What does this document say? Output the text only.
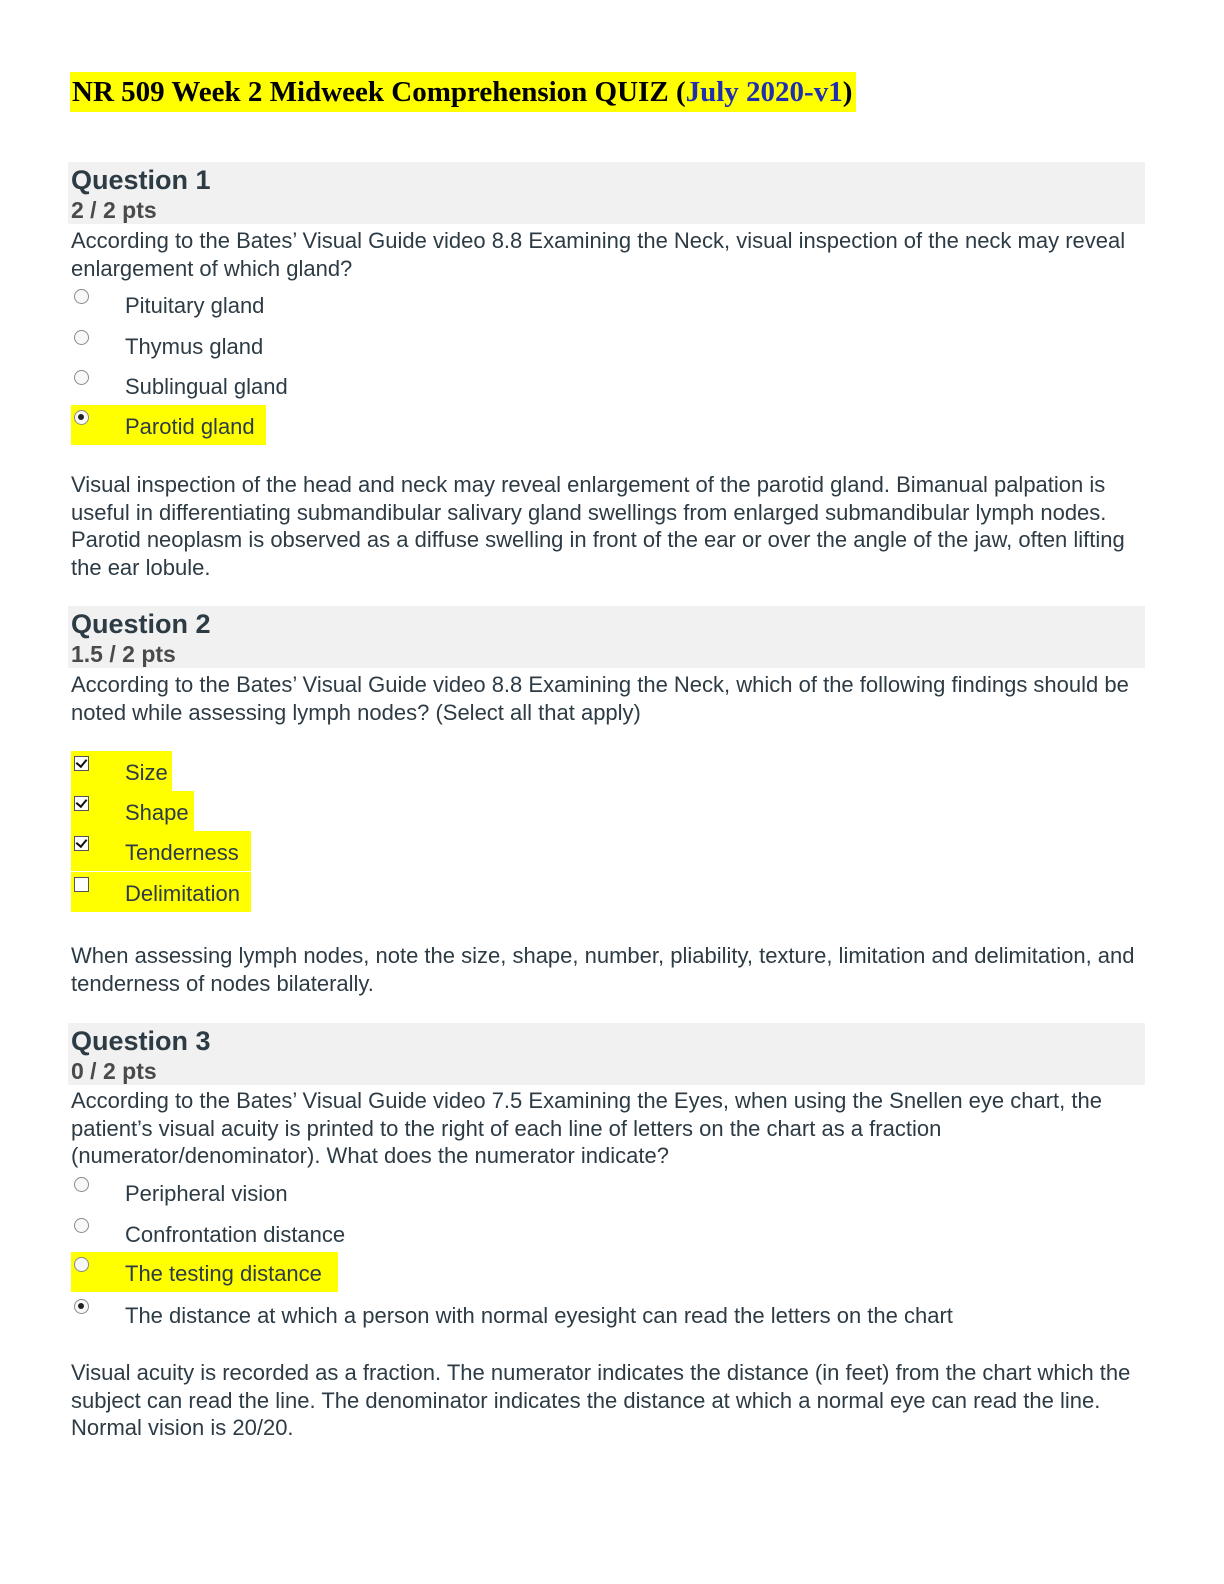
NR 509 Week 2 Midweek Comprehension QUIZ (July 2020-v1)
Question 1
2 / 2 pts
According to the Bates’ Visual Guide video 8.8 Examining the Neck, visual inspection of the neck may reveal enlargement of which gland?
Pituitary gland
Thymus gland
Sublingual gland
Parotid gland
Visual inspection of the head and neck may reveal enlargement of the parotid gland. Bimanual palpation is useful in differentiating submandibular salivary gland swellings from enlarged submandibular lymph nodes. Parotid neoplasm is observed as a diffuse swelling in front of the ear or over the angle of the jaw, often lifting the ear lobule.
Question 2
1.5 / 2 pts
According to the Bates’ Visual Guide video 8.8 Examining the Neck, which of the following findings should be noted while assessing lymph nodes? (Select all that apply)
Size
Shape
Tenderness
Delimitation
When assessing lymph nodes, note the size, shape, number, pliability, texture, limitation and delimitation, and tenderness of nodes bilaterally.
Question 3
0 / 2 pts
According to the Bates’ Visual Guide video 7.5 Examining the Eyes, when using the Snellen eye chart, the patient’s visual acuity is printed to the right of each line of letters on the chart as a fraction (numerator/denominator). What does the numerator indicate?
Peripheral vision
Confrontation distance
The testing distance
The distance at which a person with normal eyesight can read the letters on the chart
Visual acuity is recorded as a fraction. The numerator indicates the distance (in feet) from the chart which the subject can read the line. The denominator indicates the distance at which a normal eye can read the line. Normal vision is 20/20.
